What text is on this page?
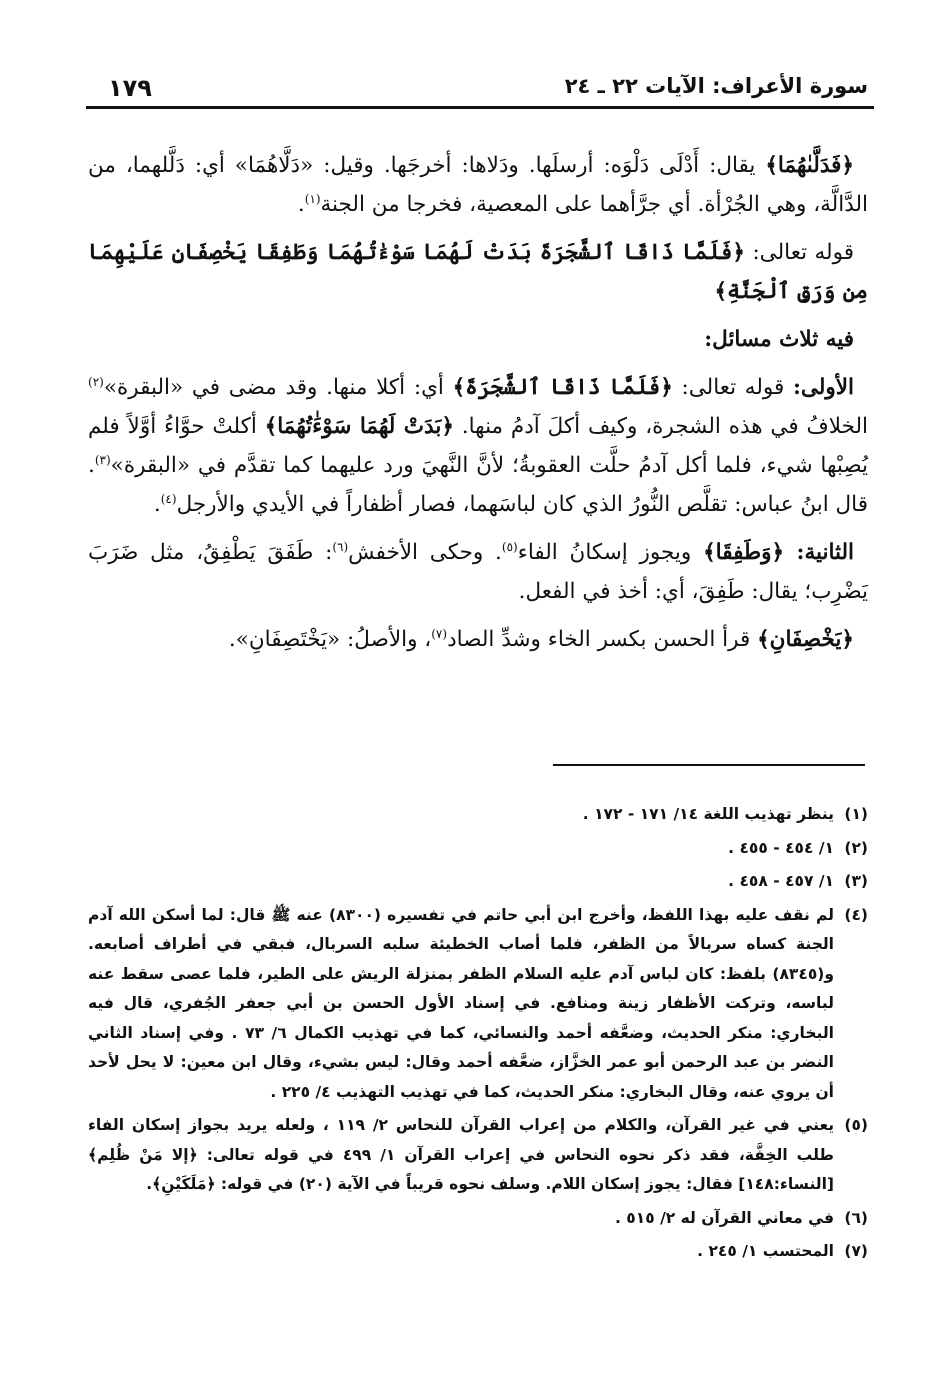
سورة الأعراف: الآيات ٢٢ ـ ٢٤
١٧٩

﴿فَدَلَّىٰهُمَا﴾ يقال: أَدْلَى دَلْوَه: أرسلَها. ودَلاها: أخرجَها. وقيل: «دَلَّاهُمَا» أي: دَلَّلهما، من الدَّالَّة، وهي الجُرْأة. أي جرَّأهما على المعصية، فخرجا من الجنة$^{(١)}$.

قوله تعالى: ﴿فَلَمَّا ذَاقَا ٱلشَّجَرَةَ بَدَتْ لَهُمَا سَوْءَٰتُهُمَا وَطَفِقَا يَخْصِفَانِ عَلَيْهِمَا مِن وَرَقِ ٱلْجَنَّةِ﴾

فيه ثلاث مسائل:

الأولى: قوله تعالى: ﴿فَلَمَّا ذَاقَا ٱلشَّجَرَةَ﴾ أي: أكلا منها. وقد مضى في «البقرة»$^{(٢)}$ الخلافُ في هذه الشجرة، وكيف أكلَ آدمُ منها. ﴿بَدَتْ لَهُمَا سَوْءَٰتُهُمَا﴾ أكلتْ حوَّاءُ أوَّلاً فلم يُصِبْها شيء، فلما أكل آدمُ حلَّت العقوبةُ؛ لأنَّ النَّهيَ ورد عليهما كما تقدَّم في «البقرة»$^{(٣)}$. قال ابنُ عباس: تقلَّص النُّورُ الذي كان لباسَهما، فصار أظفاراً في الأيدي والأرجل$^{(٤)}$.

الثانية: ﴿وَطَفِقَا﴾ ويجوز إسكانُ الفاء$^{(٥)}$. وحكى الأخفش$^{(٦)}$: طَفَقَ يَطْفِقُ، مثل ضَرَبَ يَضْرِب؛ يقال: طَفِقَ، أي: أخذ في الفعل.

﴿يَخْصِفَانِ﴾ قرأ الحسن بكسر الخاء وشدِّ الصاد$^{(٧)}$، والأصلُ: «يَخْتَصِفَانِ».

(١)
ينظر تهذيب اللغة ١٤/ ١٧١ - ١٧٢ .
(٢)
١/ ٤٥٤ - ٤٥٥ .
(٣)
١/ ٤٥٧ - ٤٥٨ .
(٤)
لم نقف عليه بهذا اللفظ، وأخرج ابن أبي حاتم في تفسيره (٨٣٠٠) عنه ﷺ قال: لما أسكن الله آدم الجنة كساه سربالاً من الظفر، فلما أصاب الخطيئة سلبه السربال، فبقي في أطراف أصابعه. و(٨٣٤٥) بلفظ: كان لباس آدم عليه السلام الظفر بمنزلة الريش على الطير، فلما عصى سقط عنه لباسه، وتركت الأظفار زينة ومنافع. في إسناد الأول الحسن بن أبي جعفر الجُفري، قال فيه البخاري: منكر الحديث، وضعَّفه أحمد والنسائي، كما في تهذيب الكمال ٦/ ٧٣ . وفي إسناد الثاني النضر بن عبد الرحمن أبو عمر الخزَّاز، ضعَّفه أحمد وقال: ليس بشيء، وقال ابن معين: لا يحل لأحد أن يروي عنه، وقال البخاري: منكر الحديث، كما في تهذيب التهذيب ٤/ ٢٢٥ .
(٥)
يعني في غير القرآن، والكلام من إعراب القرآن للنحاس ٢/ ١١٩ ، ولعله يريد بجواز إسكان الفاء طلب الخِفَّة، فقد ذكر نحوه النحاس في إعراب القرآن ١/ ٤٩٩ في قوله تعالى: ﴿إلا مَنْ ظُلِم﴾ [النساء:١٤٨] فقال: يجوز إسكان اللام. وسلف نحوه قريباً في الآية (٢٠) في قوله: ﴿مَلَكَيْنِ﴾.
(٦)
في معاني القرآن له ٢/ ٥١٥ .
(٧)
المحتسب ١/ ٢٤٥ .
